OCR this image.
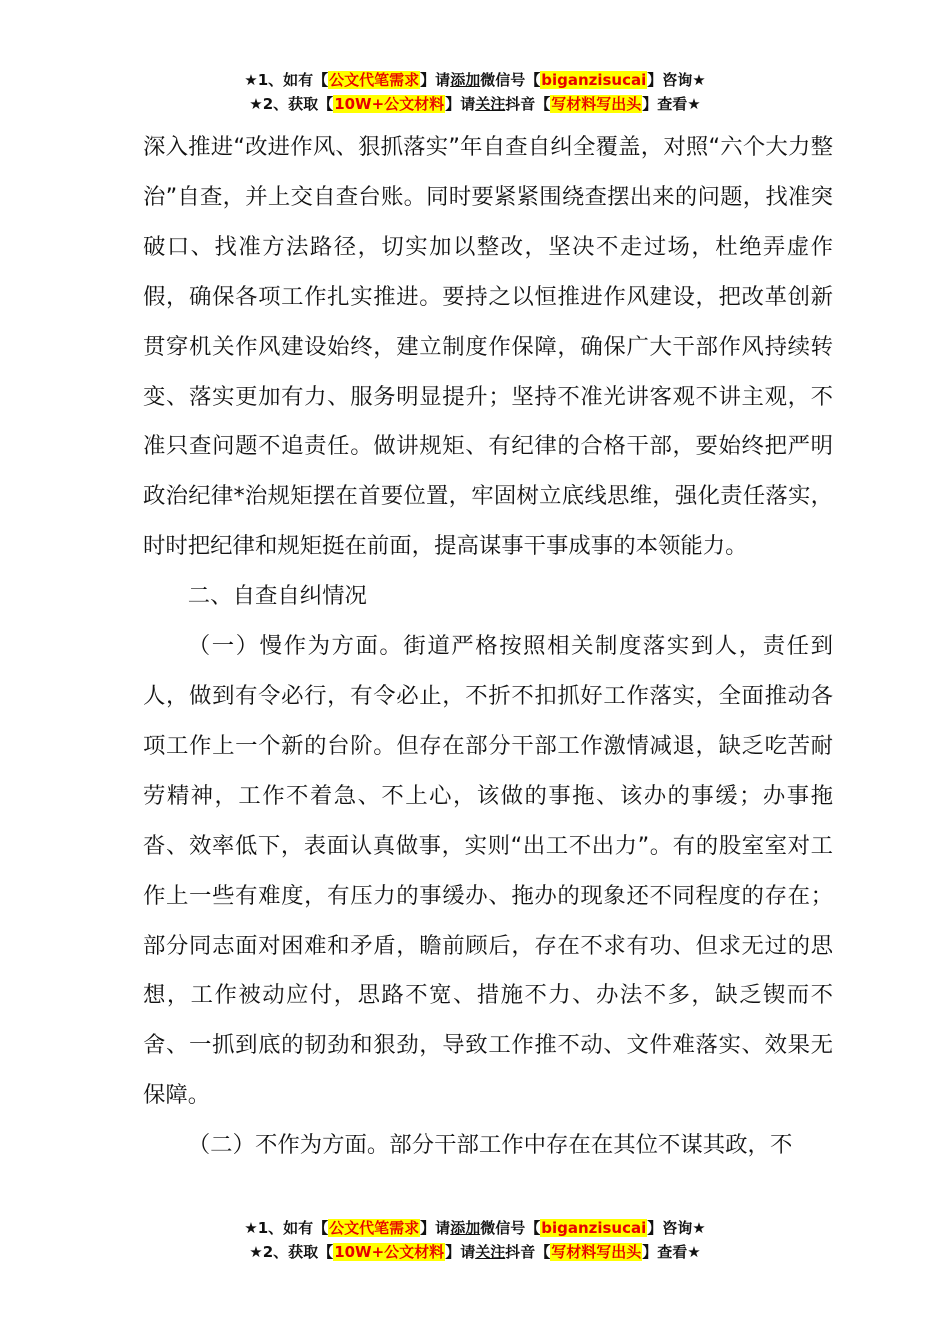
★1、如有【公文代笔需求】请添加微信号【biganzisucai】咨询★
★2、获取【10W+公文材料】请关注抖音【写材料写出头】查看★

深入推进“改进作风、狠抓落实”年自查自纠全覆盖，对照“六个大力整治”自查，并上交自查台账。同时要紧紧围绕查摆出来的问题，找准突破口、找准方法路径，切实加以整改，坚决不走过场，杜绝弄虚作假，确保各项工作扎实推进。要持之以恒推进作风建设，把改革创新贯穿机关作风建设始终，建立制度作保障，确保广大干部作风持续转变、落实更加有力、服务明显提升；坚持不准光讲客观不讲主观，不准只查问题不追责任。做讲规矩、有纪律的合格干部，要始终把严明政治纪律*治规矩摆在首要位置，牢固树立底线思维，强化责任落实，时时把纪律和规矩挺在前面，提高谋事干事成事的本领能力。

二、自查自纠情况

（一）慢作为方面。街道严格按照相关制度落实到人，责任到人，做到有令必行，有令必止，不折不扣抓好工作落实，全面推动各项工作上一个新的台阶。但存在部分干部工作激情减退，缺乏吃苦耐劳精神，工作不着急、不上心，该做的事拖、该办的事缓；办事拖沓、效率低下，表面认真做事，实则“出工不出力”。有的股室室对工作上一些有难度，有压力的事缓办、拖办的现象还不同程度的存在；部分同志面对困难和矛盾，瞻前顾后，存在不求有功、但求无过的思想，工作被动应付，思路不宽、措施不力、办法不多，缺乏锲而不舍、一抓到底的韧劲和狠劲，导致工作推不动、文件难落实、效果无保障。

（二）不作为方面。部分干部工作中存在在其位不谋其政，不

★1、如有【公文代笔需求】请添加微信号【biganzisucai】咨询★
★2、获取【10W+公文材料】请关注抖音【写材料写出头】查看★
